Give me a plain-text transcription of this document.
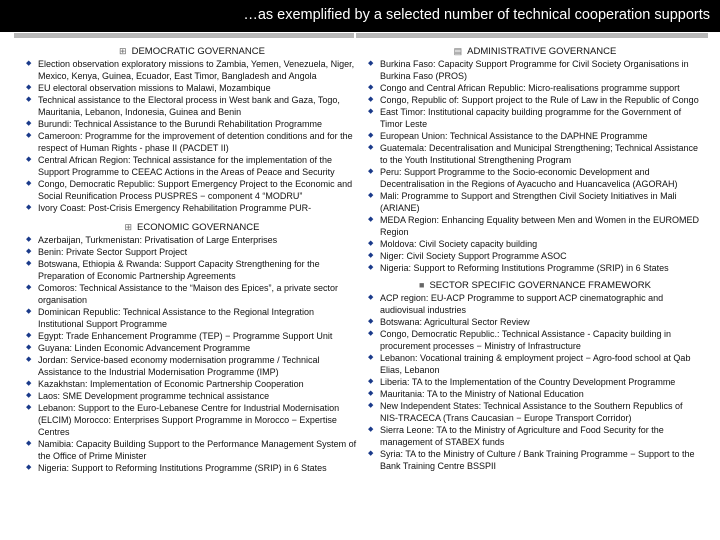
…as exemplified by a selected number of technical cooperation supports
⊞ DEMOCRATIC GOVERNANCE
◆ Election observation exploratory missions to Zambia, Yemen, Venezuela, Niger, Mexico, Kenya, Guinea, Ecuador, East Timor, Bangladesh and Angola
◆ EU electoral observation missions to Malawi, Mozambique
◆ Technical assistance to the Electoral process in West bank and Gaza, Togo, Mauritania, Lebanon, Indonesia, Guinea and Benin
◆ Burundi: Technical Assistance to the Burundi Rehabilitation Programme
◆ Cameroon: Programme for the improvement of detention conditions and for the respect of Human Rights - phase II (PACDET II)
◆ Central African Region: Technical assistance for the implementation of the Support Programme to CEEAC Actions in the Areas of Peace and Security
◆ Congo, Democratic Republic: Support Emergency Project to the Economic and Social Reunification Process PUSPRES − component 4 “MODRU”
◆ Ivory Coast: Post-Crisis Emergency Rehabilitation Programme PUR-
⊞ ECONOMIC GOVERNANCE
◆ Azerbaijan, Turkmenistan: Privatisation of Large Enterprises
◆ Benin: Private Sector Support Project
◆ Botswana, Ethiopia & Rwanda: Support Capacity Strengthening for the Preparation of Economic Partnership Agreements
◆ Comoros: Technical Assistance to the “Maison des Epices”, a private sector organisation
◆ Dominican Republic: Technical Assistance to the Regional Integration Institutional Support Programme
◆ Egypt: Trade Enhancement Programme (TEP) − Programme Support Unit
◆ Guyana: Linden Economic Advancement Programme
◆ Jordan: Service-based economy modernisation programme / Technical Assistance to the Industrial Modernisation Programme (IMP)
◆ Kazakhstan: Implementation of Economic Partnership Cooperation
◆ Laos: SME Development programme technical assistance
◆ Lebanon: Support to the Euro-Lebanese Centre for Industrial Modernisation (ELCIM) Morocco: Enterprises Support Programme in Morocco − Expertise Centres
◆ Namibia: Capacity Building Support to the Performance Management System of the Office of Prime Minister
◆ Nigeria: Support to Reforming Institutions Programme (SRIP) in 6 States
▤ ADMINISTRATIVE GOVERNANCE
◆ Burkina Faso: Capacity Support Programme for Civil Society Organisations in Burkina Faso (PROS)
◆ Congo and Central African Republic: Micro-realisations programme support
◆ Congo, Republic of: Support project to the Rule of Law in the Republic of Congo
◆ East Timor: Institutional capacity building programme for the Government of Timor Leste
◆ European Union: Technical Assistance to the DAPHNE Programme
◆ Guatemala: Decentralisation and Municipal Strengthening; Technical Assistance to the Youth Institutional Strengthening Program
◆ Peru: Support Programme to the Socio-economic Development and Decentralisation in the Regions of Ayacucho and Huancavelica (AGORAH)
◆ Mali: Programme to Support and Strengthen Civil Society Initiatives in Mali (ARIANE)
◆ MEDA Region: Enhancing Equality between Men and Women in the EUROMED Region
◆ Moldova: Civil Society capacity building
◆ Niger: Civil Society Support Programme ASOC
◆ Nigeria: Support to Reforming Institutions Programme (SRIP) in 6 States
■ SECTOR SPECIFIC GOVERNANCE FRAMEWORK
◆ ACP region: EU-ACP Programme to support ACP cinematographic and audiovisual industries
◆ Botswana: Agricultural Sector Review
◆ Congo, Democratic Republic.: Technical Assistance - Capacity building in procurement processes − Ministry of Infrastructure
◆ Lebanon: Vocational training & employment project − Agro-food school at Qab Elias, Lebanon
◆ Liberia: TA to the Implementation of the Country Development Programme
◆ Mauritania: TA to the Ministry of National Education
◆ New Independent States: Technical Assistance to the Southern Republics of NIS-TRACECA (Trans Caucasian − Europe Transport Corridor)
◆ Sierra Leone: TA to the Ministry of Agriculture and Food Security for the management of STABEX funds
◆ Syria: TA to the Ministry of Culture / Bank Training Programme − Support to the Bank Training Centre BSSPII
